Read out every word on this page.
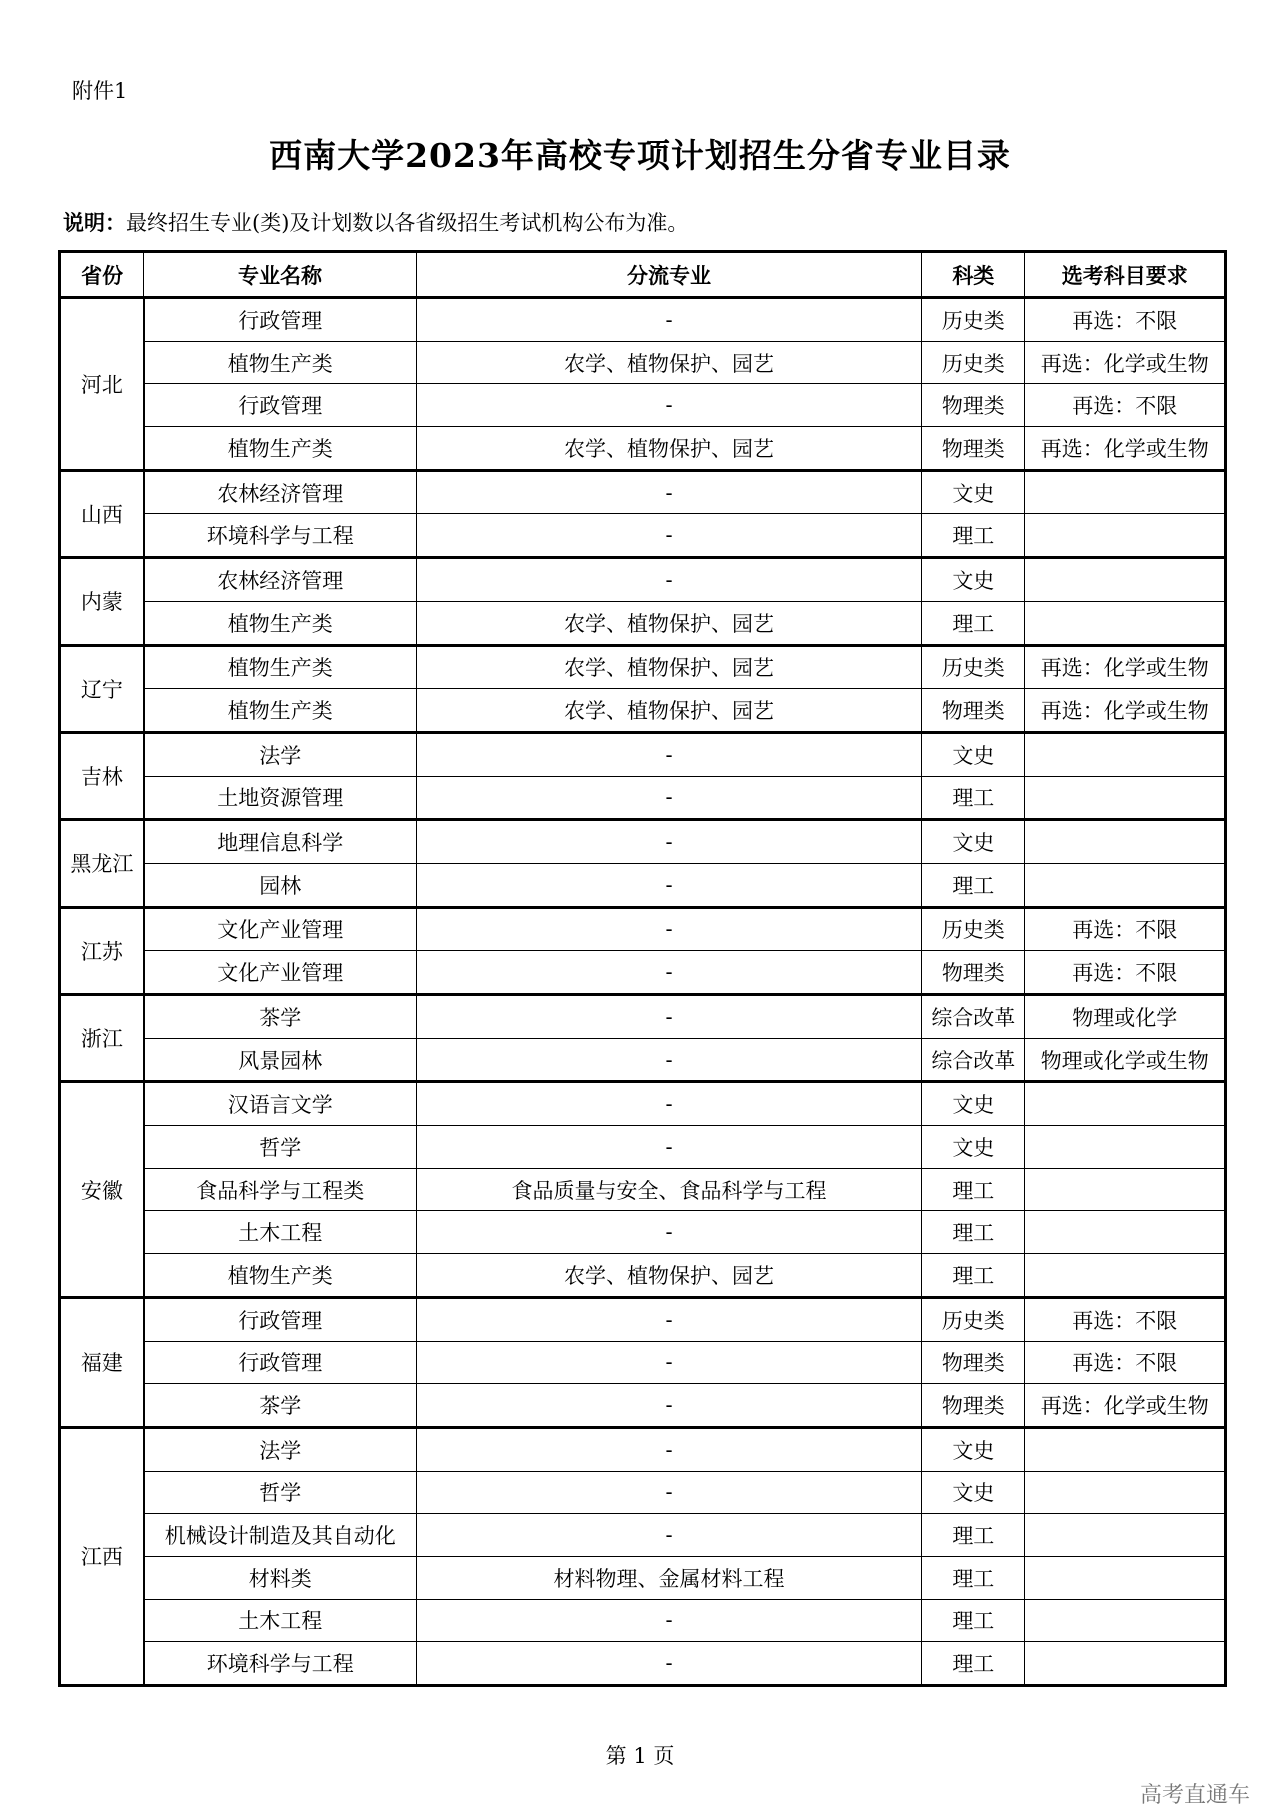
附件1
西南大学2023年高校专项计划招生分省专业目录
说明：最终招生专业(类)及计划数以各省级招生考试机构公布为准。
省份	专业名称	分流专业	科类	选考科目要求
河北	行政管理	-	历史类	再选：不限
	植物生产类	农学、植物保护、园艺	历史类	再选：化学或生物
	行政管理	-	物理类	再选：不限
	植物生产类	农学、植物保护、园艺	物理类	再选：化学或生物
山西	农林经济管理	-	文史	
	环境科学与工程	-	理工	
内蒙	农林经济管理	-	文史	
	植物生产类	农学、植物保护、园艺	理工	
辽宁	植物生产类	农学、植物保护、园艺	历史类	再选：化学或生物
	植物生产类	农学、植物保护、园艺	物理类	再选：化学或生物
吉林	法学	-	文史	
	土地资源管理	-	理工	
黑龙江	地理信息科学	-	文史	
	园林	-	理工	
江苏	文化产业管理	-	历史类	再选：不限
	文化产业管理	-	物理类	再选：不限
浙江	茶学	-	综合改革	物理或化学
	风景园林	-	综合改革	物理或化学或生物
安徽	汉语言文学	-	文史	
	哲学	-	文史	
	食品科学与工程类	食品质量与安全、食品科学与工程	理工	
	土木工程	-	理工	
	植物生产类	农学、植物保护、园艺	理工	
福建	行政管理	-	历史类	再选：不限
	行政管理	-	物理类	再选：不限
	茶学	-	物理类	再选：化学或生物
江西	法学	-	文史	
	哲学	-	文史	
	机械设计制造及其自动化	-	理工	
	材料类	材料物理、金属材料工程	理工	
	土木工程	-	理工	
	环境科学与工程	-	理工	
第 1 页
高考直通车
